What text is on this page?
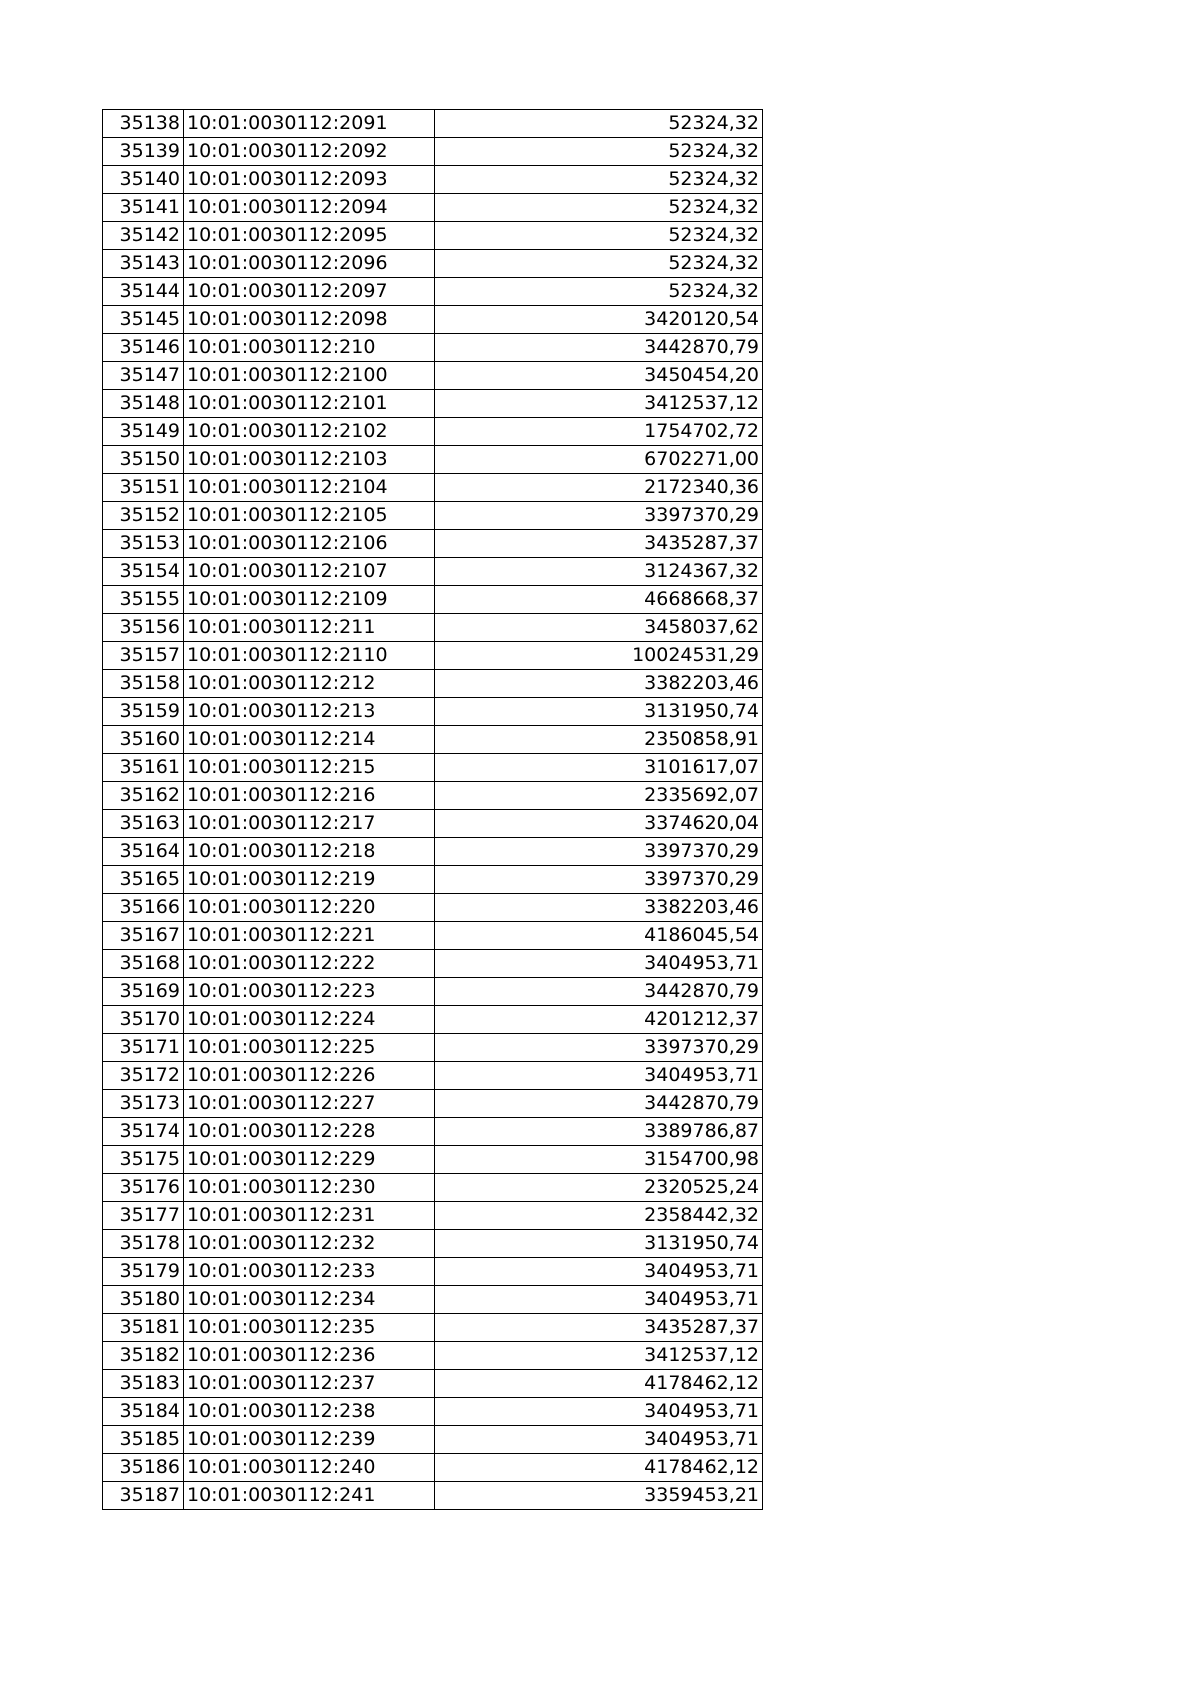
35138	10:01:0030112:2091	52324,32
35139	10:01:0030112:2092	52324,32
35140	10:01:0030112:2093	52324,32
35141	10:01:0030112:2094	52324,32
35142	10:01:0030112:2095	52324,32
35143	10:01:0030112:2096	52324,32
35144	10:01:0030112:2097	52324,32
35145	10:01:0030112:2098	3420120,54
35146	10:01:0030112:210	3442870,79
35147	10:01:0030112:2100	3450454,20
35148	10:01:0030112:2101	3412537,12
35149	10:01:0030112:2102	1754702,72
35150	10:01:0030112:2103	6702271,00
35151	10:01:0030112:2104	2172340,36
35152	10:01:0030112:2105	3397370,29
35153	10:01:0030112:2106	3435287,37
35154	10:01:0030112:2107	3124367,32
35155	10:01:0030112:2109	4668668,37
35156	10:01:0030112:211	3458037,62
35157	10:01:0030112:2110	10024531,29
35158	10:01:0030112:212	3382203,46
35159	10:01:0030112:213	3131950,74
35160	10:01:0030112:214	2350858,91
35161	10:01:0030112:215	3101617,07
35162	10:01:0030112:216	2335692,07
35163	10:01:0030112:217	3374620,04
35164	10:01:0030112:218	3397370,29
35165	10:01:0030112:219	3397370,29
35166	10:01:0030112:220	3382203,46
35167	10:01:0030112:221	4186045,54
35168	10:01:0030112:222	3404953,71
35169	10:01:0030112:223	3442870,79
35170	10:01:0030112:224	4201212,37
35171	10:01:0030112:225	3397370,29
35172	10:01:0030112:226	3404953,71
35173	10:01:0030112:227	3442870,79
35174	10:01:0030112:228	3389786,87
35175	10:01:0030112:229	3154700,98
35176	10:01:0030112:230	2320525,24
35177	10:01:0030112:231	2358442,32
35178	10:01:0030112:232	3131950,74
35179	10:01:0030112:233	3404953,71
35180	10:01:0030112:234	3404953,71
35181	10:01:0030112:235	3435287,37
35182	10:01:0030112:236	3412537,12
35183	10:01:0030112:237	4178462,12
35184	10:01:0030112:238	3404953,71
35185	10:01:0030112:239	3404953,71
35186	10:01:0030112:240	4178462,12
35187	10:01:0030112:241	3359453,21
